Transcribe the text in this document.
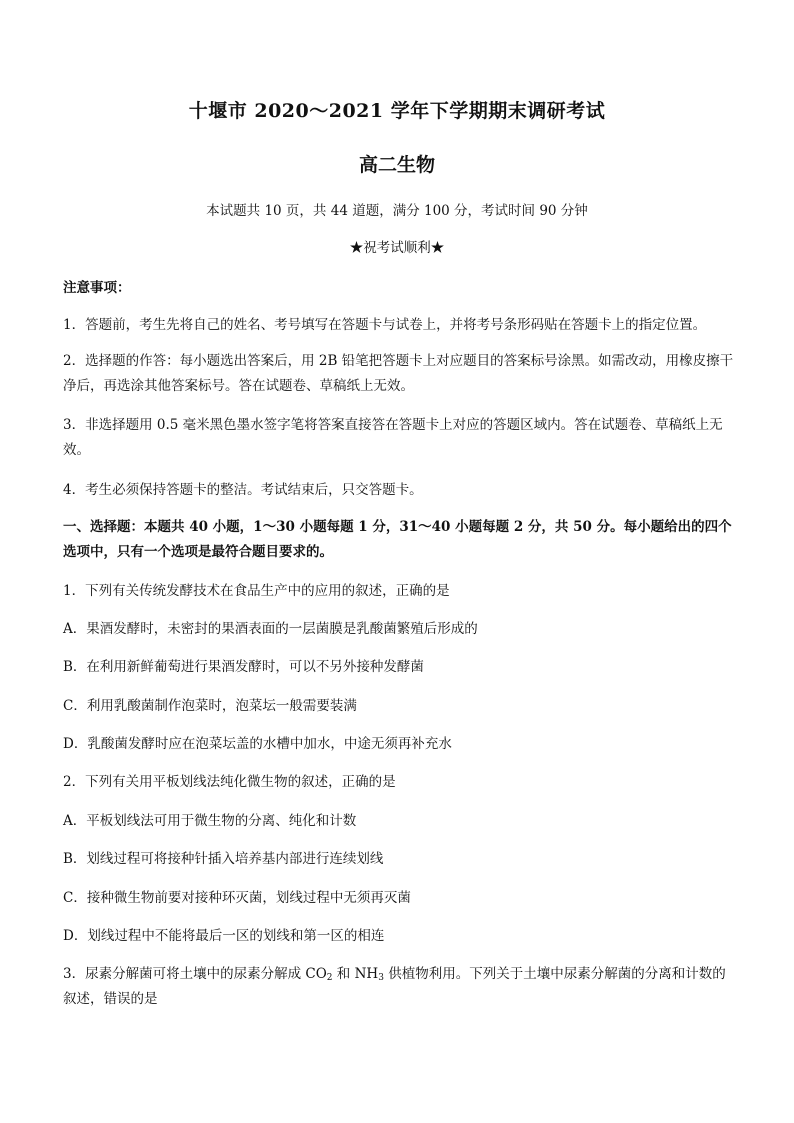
十堰市 2020～2021 学年下学期期末调研考试
高二生物
本试题共 10 页，共 44 道题，满分 100 分，考试时间 90 分钟
★祝考试顺利★
注意事项：
1．答题前，考生先将自己的姓名、考号填写在答题卡与试卷上，并将考号条形码贴在答题卡上的指定位置。
2．选择题的作答：每小题选出答案后，用 2B 铅笔把答题卡上对应题目的答案标号涂黑。如需改动，用橡皮擦干净后，再选涂其他答案标号。答在试题卷、草稿纸上无效。
3．非选择题用 0.5 毫米黑色墨水签字笔将答案直接答在答题卡上对应的答题区域内。答在试题卷、草稿纸上无效。
4．考生必须保持答题卡的整洁。考试结束后，只交答题卡。
一、选择题：本题共 40 小题，1～30 小题每题 1 分，31～40 小题每题 2 分，共 50 分。每小题给出的四个选项中，只有一个选项是最符合题目要求的。
1．下列有关传统发酵技术在食品生产中的应用的叙述，正确的是
A．果酒发酵时，未密封的果酒表面的一层菌膜是乳酸菌繁殖后形成的
B．在利用新鲜葡萄进行果酒发酵时，可以不另外接种发酵菌
C．利用乳酸菌制作泡菜时，泡菜坛一般需要装满
D．乳酸菌发酵时应在泡菜坛盖的水槽中加水，中途无须再补充水
2．下列有关用平板划线法纯化微生物的叙述，正确的是
A．平板划线法可用于微生物的分离、纯化和计数
B．划线过程可将接种针插入培养基内部进行连续划线
C．接种微生物前要对接种环灭菌，划线过程中无须再灭菌
D．划线过程中不能将最后一区的划线和第一区的相连
3．尿素分解菌可将土壤中的尿素分解成 $CO_2$ 和 $NH_3$ 供植物利用。下列关于土壤中尿素分解菌的分离和计数的叙述，错误的是
